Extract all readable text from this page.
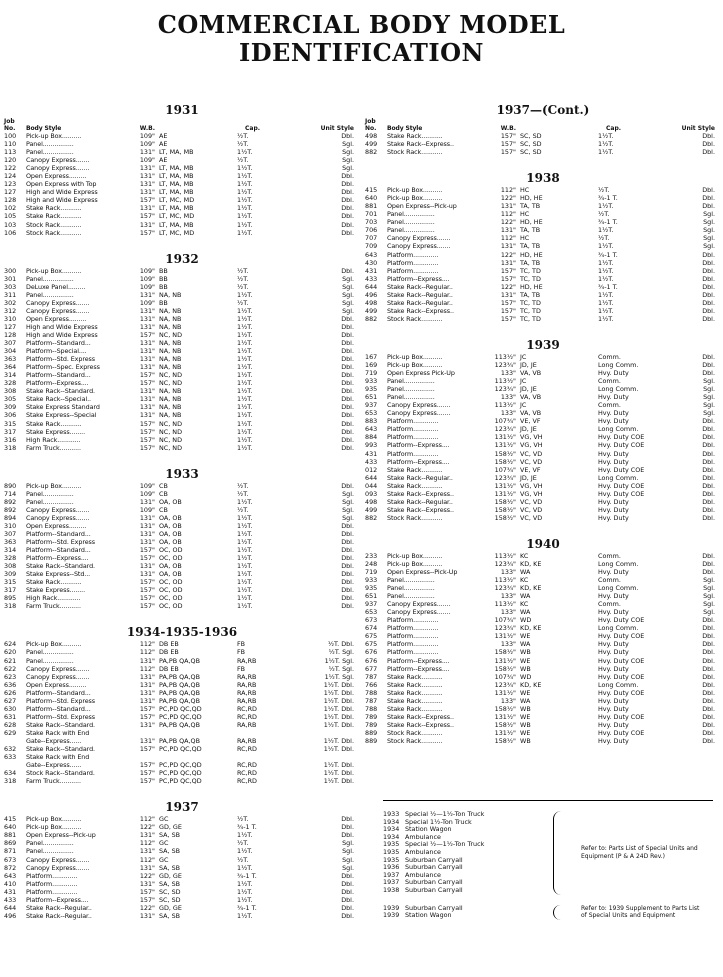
COMMERCIAL BODY MODEL
IDENTIFICATION
1931
Job No.	Body Style	W.B.	Cap.	Unit Style
100	Pick-up Box..........	109" AE	½T.	Dbl.
110	Panel................	109" AE	½T.	Sgl.
113	Panel................	131" LT, MA, MB	1½T.	Sgl.
120	Canopy Express.......	109" AE	½T.	Sgl.
122	Canopy Express.......	131" LT, MA, MB	1½T.	Sgl.
124	Open Express.........	131" LT, MA, MB	1½T.	Dbl.
123	Open Express with Top	131" LT, MA, MB	1½T.	Dbl.
127	High and Wide Express	131" LT, MA, MB	1½T.	Dbl.
128	High and Wide Express	157" LT, MC, MD	1½T.	Dbl.
102	Stake Rack...........	131" LT, MA, MB	1½T.	Dbl.
105	Stake Rack...........	157" LT, MC, MD	1½T.	Dbl.
103	Stock Rack...........	131" LT, MA, MB	1½T.	Dbl.
106	Stock Rack...........	157" LT, MC, MD	1½T.	Dbl.
1932
300	Pick-up Box..........	109" BB	½T.	Dbl.
301	Panel................	109" BB	½T.	Sgl.
303	DeLuxe Panel.........	109" BB	½T.	Sgl.
311	Panel................	131" NA, NB	1½T.	Sgl.
302	Canopy Express.......	109" BB	½T.	Sgl.
312	Canopy Express.......	131" NA, NB	1½T.	Sgl.
310	Open Express.........	131" NA, NB	1½T.	Dbl.
127	High and Wide Express	131" NA, NB	1½T.	Dbl.
128	High and Wide Express	157" NC, ND	1½T.	Dbl.
307	Platform--Standard...	131" NA, NB	1½T.	Dbl.
304	Platform--Special....	131" NA, NB	1½T.	Dbl.
363	Platform--Std. Express	131" NA, NB	1½T.	Dbl.
364	Platform--Spec. Express	131" NA, NB	1½T.	Dbl.
314	Platform--Standard...	157" NC, ND	1½T.	Dbl.
328	Platform--Express....	157" NC, ND	1½T.	Dbl.
308	Stake Rack--Standard.	131" NA, NB	1½T.	Dbl.
305	Stake Rack--Special..	131" NA, NB	1½T.	Dbl.
309	Stake Express Standard	131" NA, NB	1½T.	Dbl.
306	Stake Express--Special	131" NA, NB	1½T.	Dbl.
315	Stake Rack...........	157" NC, ND	1½T.	Dbl.
317	Stake Express........	157" NC, ND	1½T.	Dbl.
316	High Rack............	157" NC, ND	1½T.	Dbl.
318	Farm Truck...........	157" NC, ND	1½T.	Dbl.
1933
890	Pick-up Box..........	109" CB	½T.	Dbl.
714	Panel................	109" CB	½T.	Sgl.
892	Panel................	131" OA, OB	1½T.	Sgl.
892	Canopy Express.......	109" CB	½T.	Sgl.
894	Canopy Express.......	131" OA, OB	1½T.	Sgl.
310	Open Express.........	131" OA, OB	1½T.	Dbl.
307	Platform--Standard...	131" OA, OB	1½T.	Dbl.
363	Platform--Std. Express	131" OA, OB	1½T.	Dbl.
314	Platform--Standard...	157" OC, OD	1½T.	Dbl.
328	Platform--Express....	157" OC, OD	1½T.	Dbl.
308	Stake Rack--Standard.	131" OA, OB	1½T.	Dbl.
309	Stake Express--Std...	131" OA, OB	1½T.	Dbl.
315	Stake Rack...........	157" OC, OD	1½T.	Dbl.
317	Stake Express........	157" OC, OD	1½T.	Dbl.
895	High Rack............	157" OC, OD	1½T.	Dbl.
318	Farm Truck...........	157" OC, OD	1½T.	Dbl.
1934-1935-1936
624	Pick-up Box..........	112" DB EB	FB	½T. Dbl.
620	Panel................	112" DB EB	FB	½T. Sgl.
621	Panel................	131" PA,PB QA,QB	RA,RB	1½T. Sgl.
622	Canopy Express.......	112" DB EB	FB	½T. Sgl.
623	Canopy Express.......	131" PA,PB QA,QB	RA,RB	1½T. Sgl.
636	Open Express.........	131" PA,PB QA,QB	RA,RB	1½T. Dbl.
626	Platform--Standard...	131" PA,PB QA,QB	RA,RB	1½T. Dbl.
627	Platform--Std. Express	131" PA,PB QA,QB	RA,RB	1½T. Dbl.
630	Platform--Standard...	157" PC,PD QC,QD	RC,RD	1½T. Dbl.
631	Platform--Std. Express	157" PC,PD QC,QD	RC,RD	1½T. Dbl.
628	Stake Rack--Standard.	131" PA,PB QA,QB	RA,RB	1½T. Dbl.
629	Stake Rack with End
Gate--Express......	131" PA,PB QA,QB	RA,RB	1½T. Dbl.
632	Stake Rack--Standard.	157" PC,PD QC,QD	RC,RD	1½T. Dbl.
633	Stake Rack with End
Gate--Express......	157" PC,PD QC,QD	RC,RD	1½T. Dbl.
634	Stock Rack--Standard.	157" PC,PD QC,QD	RC,RD	1½T. Dbl.
318	Farm Truck...........	157" PC,PD QC,QD	RC,RD	1½T. Dbl.
1937
415	Pick-up Box..........	112" GC	½T.	Dbl.
640	Pick-up Box..........	122" GD, GE	¾-1 T.	Dbl.
881	Open Express--Pick-up	131" SA, SB	1½T.	Dbl.
869	Panel................	112" GC	½T.	Sgl.
871	Panel................	131" SA, SB	1½T.	Sgl.
673	Canopy Express.......	112" GC	½T.	Sgl.
872	Canopy Express.......	131" SA, SB	1½T.	Sgl.
643	Platform.............	122" GD, GE	¾-1 T.	Dbl.
410	Platform.............	131" SA, SB	1½T.	Dbl.
431	Platform.............	157" SC, SD	1½T.	Dbl.
433	Platform--Express....	157" SC, SD	1½T.	Dbl.
644	Stake Rack--Regular..	122" GD, GE	¾-1 T.	Dbl.
496	Stake Rack--Regular..	131" SA, SB	1½T.	Dbl.
1937—(Cont.)
Job No.	Body Style	W.B.	Cap.	Unit Style
498	Stake Rack...........	157" SC, SD	1½T.	Dbl.
499	Stake Rack--Express..	157" SC, SD	1½T.	Dbl.
882	Stock Rack...........	157" SC, SD	1½T.	Dbl.
1938
415	Pick-up Box..........	112" HC	½T.	Dbl.
640	Pick-up Box..........	122" HD, HE	¾-1 T.	Dbl.
881	Open Express--Pick-up	131" TA, TB	1½T.	Dbl.
701	Panel................	112" HC	½T.	Sgl.
703	Panel................	122" HD, HE	¾-1 T.	Sgl.
706	Panel................	131" TA, TB	1½T.	Sgl.
707	Canopy Express.......	112" HC	½T.	Sgl.
709	Canopy Express.......	131" TA, TB	1½T.	Sgl.
643	Platform.............	122" HD, HE	¾-1 T.	Dbl.
430	Platform.............	131" TA, TB	1½T.	Dbl.
431	Platform.............	157" TC, TD	1½T.	Dbl.
433	Platform--Express....	157" TC, TD	1½T.	Dbl.
644	Stake Rack--Regular..	122" HD, HE	¾-1 T.	Dbl.
496	Stake Rack--Regular..	131" TA, TB	1½T.	Dbl.
498	Stake Rack--Regular..	157" TC, TD	1½T.	Dbl.
499	Stake Rack--Express..	157" TC, TD	1½T.	Dbl.
882	Stock Rack...........	157" TC, TD	1½T.	Dbl.
1939
167	Pick-up Box..........	113½" JC	Comm.	Dbl.
169	Pick-up Box..........	123¾" JD, JE	Long Comm.	Dbl.
719	Open Express Pick-Up	133" VA, VB	Hvy. Duty	Dbl.
933	Panel................	113½" JC	Comm.	Sgl.
935	Panel................	123¾" JD, JE	Long Comm.	Sgl.
651	Panel................	133" VA, VB	Hvy. Duty	Sgl.
937	Canopy Express.......	113½" JC	Comm.	Sgl.
653	Canopy Express.......	133" VA, VB	Hvy. Duty	Sgl.
883	Platform.............	107¾" VE, VF	Hvy. Duty	Dbl.
643	Platform.............	123¾" JD, JE	Long Comm.	Dbl.
884	Platform.............	131½" VG, VH	Hvy. Duty COE	Dbl.
993	Platform--Express....	131½" VG, VH	Hvy. Duty COE	Dbl.
431	Platform.............	158½" VC, VD	Hvy. Duty	Dbl.
433	Platform--Express....	158½" VC, VD	Hvy. Duty	Dbl.
012	Stake Rack...........	107¾" VE, VF	Hvy. Duty COE	Dbl.
644	Stake Rack--Regular..	123¾" JD, JE	Long Comm.	Dbl.
044	Stake Rack...........	131½" VG, VH	Hvy. Duty COE	Dbl.
093	Stake Rack--Express..	131½" VG, VH	Hvy. Duty COE	Dbl.
498	Stake Rack--Regular..	158½" VC, VD	Hvy. Duty	Dbl.
499	Stake Rack--Express..	158½" VC, VD	Hvy. Duty	Dbl.
882	Stock Rack...........	158½" VC, VD	Hvy. Duty	Dbl.
1940
233	Pick-up Box..........	113½" KC	Comm.	Dbl.
248	Pick-up Box..........	123¾" KD, KE	Long Comm.	Dbl.
719	Open Express--Pick-Up	133" WA	Hvy. Duty	Dbl.
933	Panel................	113½" KC	Comm.	Sgl.
935	Panel................	123¾" KD, KE	Long Comm.	Sgl.
651	Panel................	133" WA	Hvy. Duty	Sgl.
937	Canopy Express.......	113½" KC	Comm.	Sgl.
653	Canopy Express.......	133" WA	Hvy. Duty	Sgl.
673	Platform.............	107¾" WD	Hvy. Duty COE	Dbl.
674	Platform.............	123¾" KD, KE	Long Comm.	Dbl.
675	Platform.............	131½" WE	Hvy. Duty COE	Dbl.
675	Platform.............	133" WA	Hvy. Duty	Dbl.
676	Platform.............	158½" WB	Hvy. Duty	Dbl.
676	Platform--Express....	131½" WE	Hvy. Duty COE	Dbl.
677	Platform--Express....	158½" WB	Hvy. Duty	Dbl.
787	Stake Rack...........	107¾" WD	Hvy. Duty COE	Dbl.
766	Stake Rack...........	123¾" KD, KE	Long Comm.	Dbl.
788	Stake Rack...........	131½" WE	Hvy. Duty COE	Dbl.
787	Stake Rack...........	133" WA	Hvy. Duty	Dbl.
788	Stake Rack...........	158½" WB	Hvy. Duty	Dbl.
789	Stake Rack--Express..	131½" WE	Hvy. Duty COE	Dbl.
789	Stake Rack--Express..	158½" WB	Hvy. Duty	Dbl.
889	Stock Rack...........	131½" WE	Hvy. Duty COE	Dbl.
889	Stock Rack...........	158½" WB	Hvy. Duty	Dbl.
1933 Special ½—1½-Ton Truck
1934 Special 1½-Ton Truck
1934 Station Wagon
1934 Ambulance
1935 Special ½—1½-Ton Truck
1935 Ambulance
1935 Suburban Carryall
1936 Suburban Carryall
1937 Ambulance
1937 Suburban Carryall
1938 Suburban Carryall
Refer to: Parts List of Special Units and Equipment (P & A 24D Rev.)
1939 Suburban Carryall
1939 Station Wagon
Refer to: 1939 Supplement to Parts List of Special Units and Equipment
